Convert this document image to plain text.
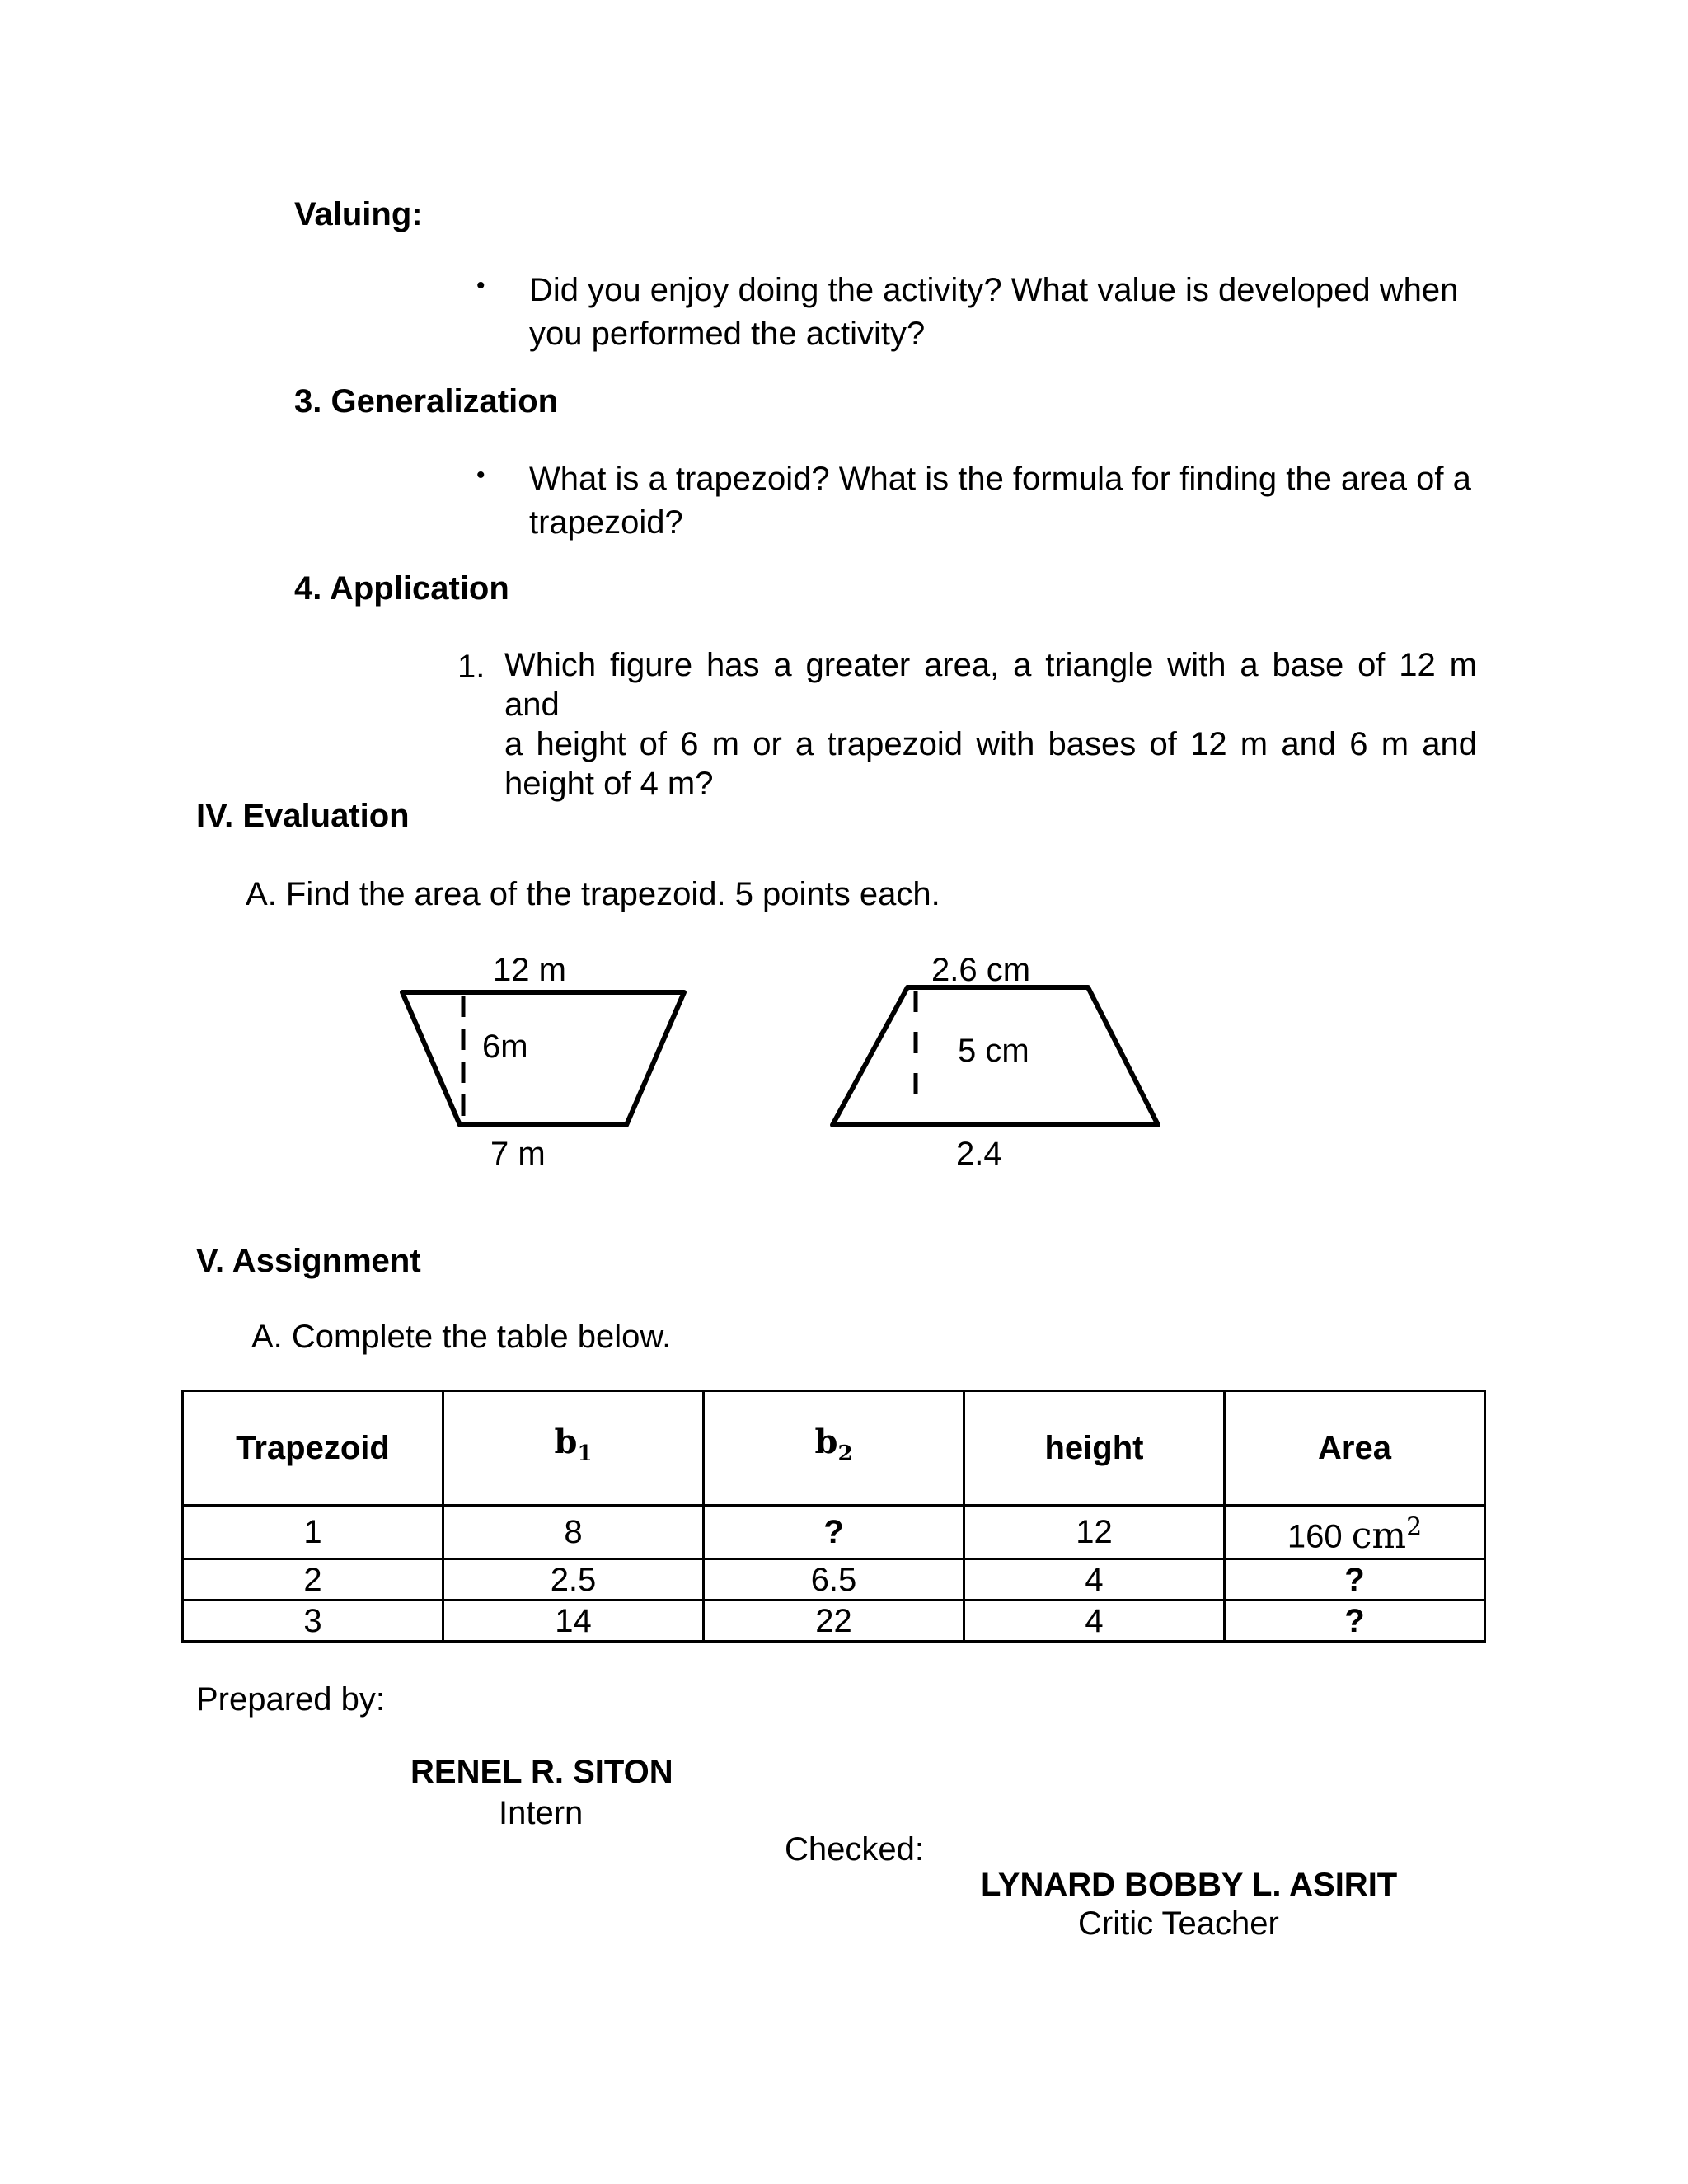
Valuing:
• Did you enjoy doing the activity? What value is developed when
you performed the activity?
3. Generalization
• What is a trapezoid? What is the formula for finding the area of a
trapezoid?
4. Application
1. Which figure has a greater area, a triangle with a base of 12 m and
a height of 6 m or a trapezoid with bases of 12 m and 6 m and
height of 4 m?
IV. Evaluation
A. Find the area of the trapezoid. 5 points each.
12 m
6m
7 m
2.6 cm
5 cm
2.4
V. Assignment
A. Complete the table below.
Trapezoid	$b_1$	$b_2$	height	Area
1	8	?	12	160 $cm^2$
2	2.5	6.5	4	?
3	14	22	4	?
Prepared by:
RENEL R. SITON
Intern
Checked:
LYNARD BOBBY L. ASIRIT
Critic Teacher
